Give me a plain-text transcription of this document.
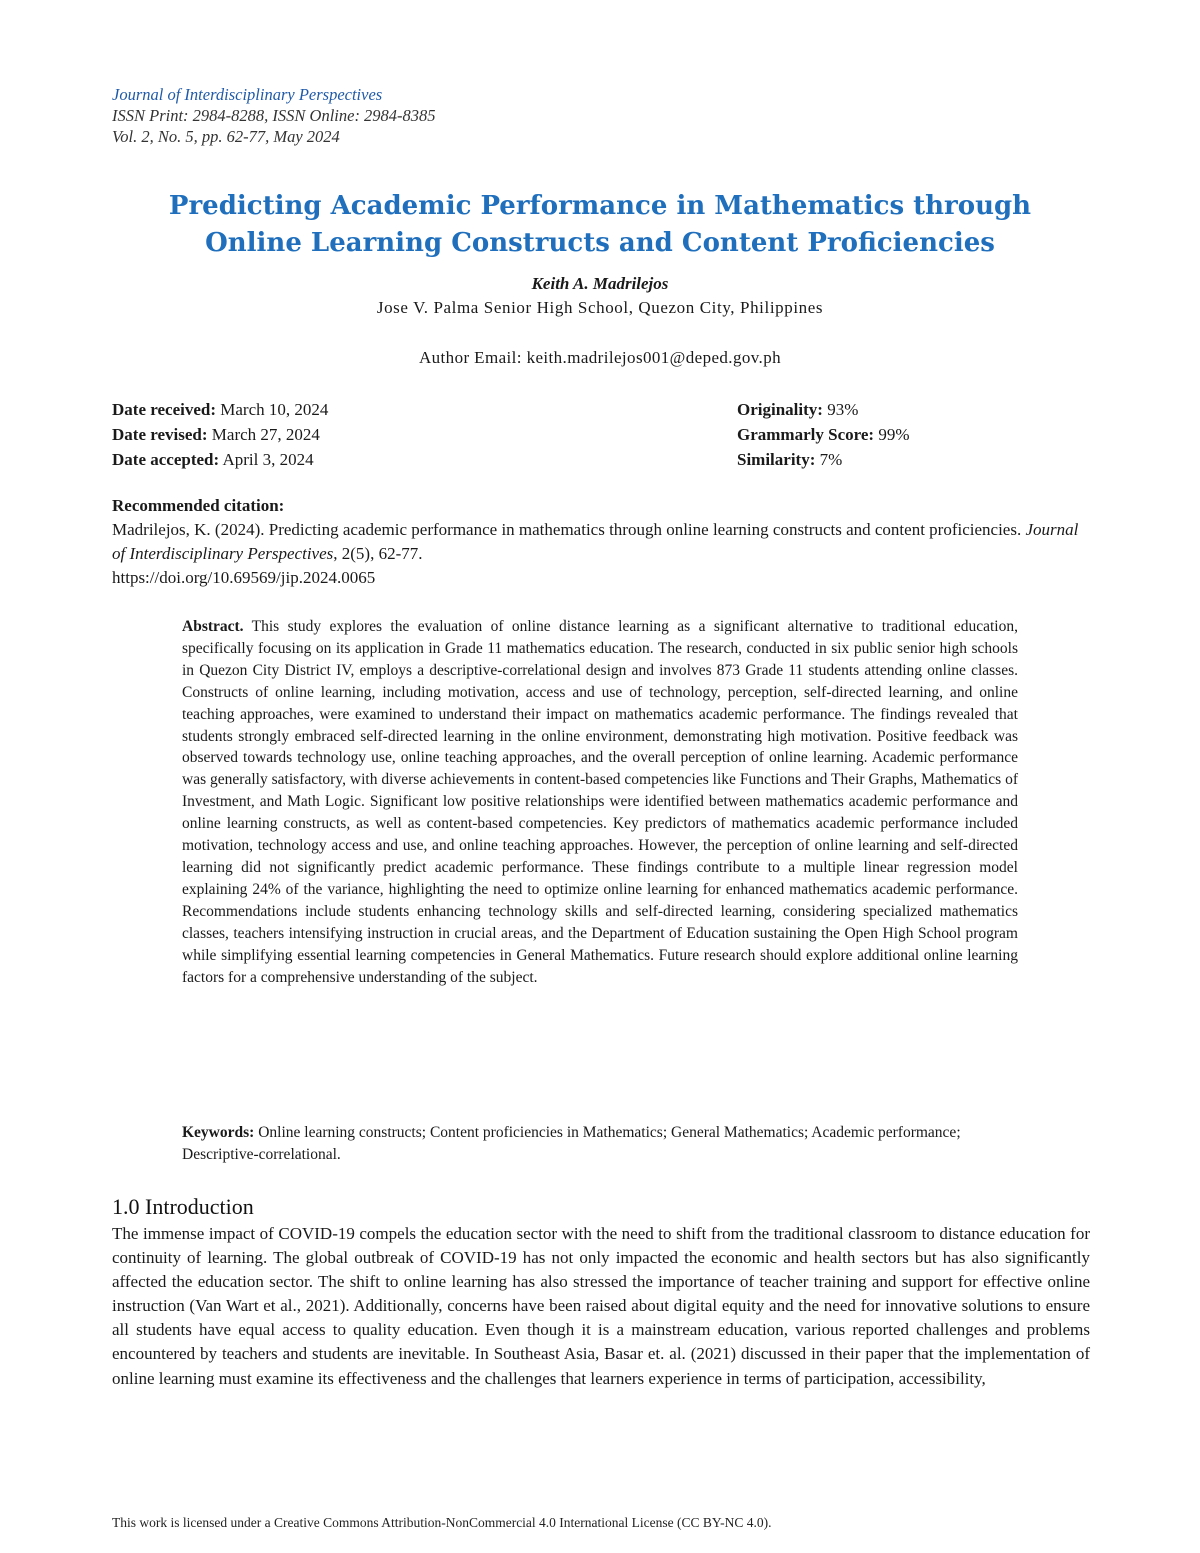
Journal of Interdisciplinary Perspectives
ISSN Print: 2984-8288, ISSN Online: 2984-8385
Vol. 2, No. 5, pp. 62-77, May 2024
Predicting Academic Performance in Mathematics through
Online Learning Constructs and Content Proficiencies
Keith A. Madrilejos
Jose V. Palma Senior High School, Quezon City, Philippines
Author Email: keith.madrilejos001@deped.gov.ph
Date received: March 10, 2024
Date revised: March 27, 2024
Date accepted: April 3, 2024
Originality: 93%
Grammarly Score: 99%
Similarity: 7%
Recommended citation:
Madrilejos, K. (2024). Predicting academic performance in mathematics through online learning constructs and content proficiencies. Journal of Interdisciplinary Perspectives, 2(5), 62-77.
https://doi.org/10.69569/jip.2024.0065
Abstract. This study explores the evaluation of online distance learning as a significant alternative to traditional education, specifically focusing on its application in Grade 11 mathematics education. The research, conducted in six public senior high schools in Quezon City District IV, employs a descriptive-correlational design and involves 873 Grade 11 students attending online classes. Constructs of online learning, including motivation, access and use of technology, perception, self-directed learning, and online teaching approaches, were examined to understand their impact on mathematics academic performance. The findings revealed that students strongly embraced self-directed learning in the online environment, demonstrating high motivation. Positive feedback was observed towards technology use, online teaching approaches, and the overall perception of online learning. Academic performance was generally satisfactory, with diverse achievements in content-based competencies like Functions and Their Graphs, Mathematics of Investment, and Math Logic. Significant low positive relationships were identified between mathematics academic performance and online learning constructs, as well as content-based competencies. Key predictors of mathematics academic performance included motivation, technology access and use, and online teaching approaches. However, the perception of online learning and self-directed learning did not significantly predict academic performance. These findings contribute to a multiple linear regression model explaining 24% of the variance, highlighting the need to optimize online learning for enhanced mathematics academic performance. Recommendations include students enhancing technology skills and self-directed learning, considering specialized mathematics classes, teachers intensifying instruction in crucial areas, and the Department of Education sustaining the Open High School program while simplifying essential learning competencies in General Mathematics. Future research should explore additional online learning factors for a comprehensive understanding of the subject.
Keywords: Online learning constructs; Content proficiencies in Mathematics; General Mathematics; Academic performance; Descriptive-correlational.
1.0 Introduction
The immense impact of COVID-19 compels the education sector with the need to shift from the traditional classroom to distance education for continuity of learning. The global outbreak of COVID-19 has not only impacted the economic and health sectors but has also significantly affected the education sector. The shift to online learning has also stressed the importance of teacher training and support for effective online instruction (Van Wart et al., 2021). Additionally, concerns have been raised about digital equity and the need for innovative solutions to ensure all students have equal access to quality education. Even though it is a mainstream education, various reported challenges and problems encountered by teachers and students are inevitable. In Southeast Asia, Basar et. al. (2021) discussed in their paper that the implementation of online learning must examine its effectiveness and the challenges that learners experience in terms of participation, accessibility,
This work is licensed under a Creative Commons Attribution-NonCommercial 4.0 International License (CC BY-NC 4.0).
